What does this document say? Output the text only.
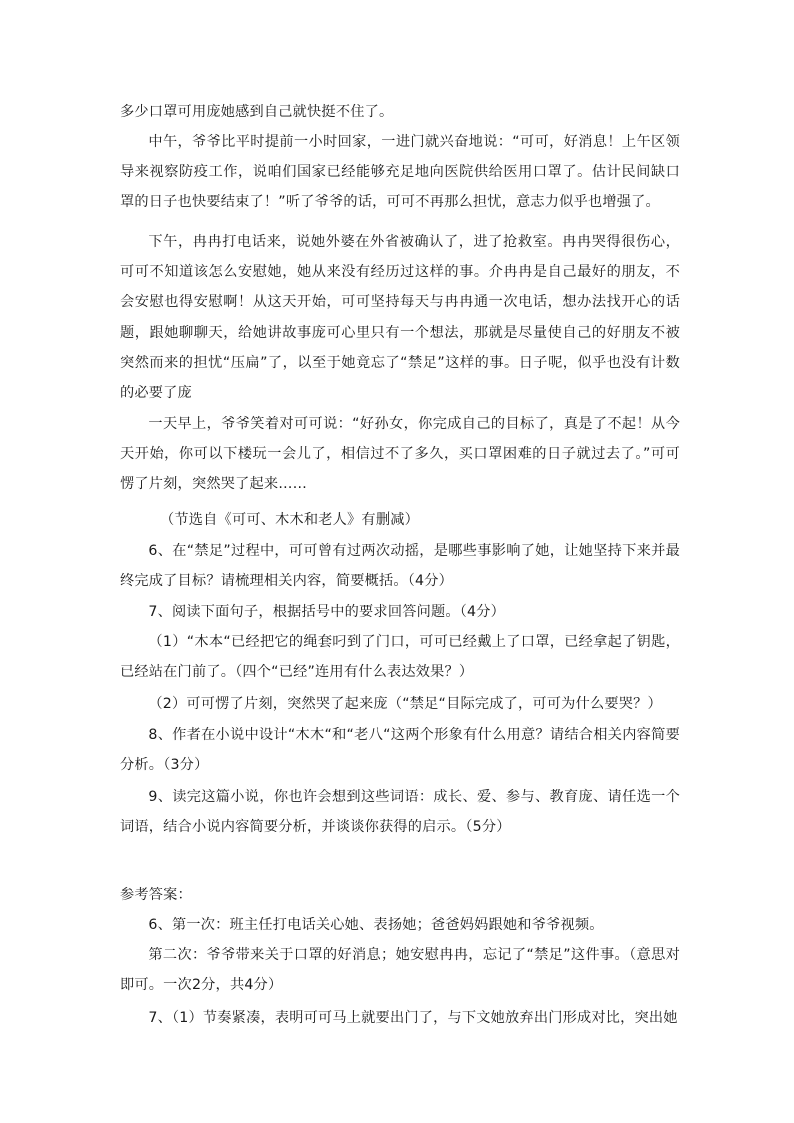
多少口罩可用庞她感到自己就快挺不住了。
中午，爷爷比平时提前一小时回家，一进门就兴奋地说：“可可，好消息！上午区领导来视察防疫工作，说咱们国家已经能够充足地向医院供给医用口罩了。估计民间缺口罩的日子也快要结束了！”听了爷爷的话，可可不再那么担忧，意志力似乎也增强了。
下午，冉冉打电话来，说她外婆在外省被确认了，进了抢救室。冉冉哭得很伤心，可可不知道该怎么安慰她，她从来没有经历过这样的事。介冉冉是自己最好的朋友，不会安慰也得安慰啊！从这天开始，可可坚持每天与冉冉通一次电话，想办法找开心的话题，跟她聊聊天，给她讲故事庞可心里只有一个想法，那就是尽量使自己的好朋友不被突然而来的担忧“压扁”了，以至于她竟忘了“禁足”这样的事。日子呢，似乎也没有计数的必要了庞
一天早上，爷爷笑着对可可说：“好孙女，你完成自己的目标了，真是了不起！从今天开始，你可以下楼玩一会儿了，相信过不了多久，买口罩困难的日子就过去了。”可可愣了片刻，突然哭了起来……
（节选自《可可、木木和老人》有删减）
6、在“禁足”过程中，可可曾有过两次动摇，是哪些事影响了她，让她坚持下来并最终完成了目标？请梳理相关内容，简要概括。（4分）
7、阅读下面句子，根据括号中的要求回答问题。（4分）
（1）“木本“已经把它的绳套叼到了门口，可可已经戴上了口罩，已经拿起了钥匙，已经站在门前了。（四个“已经”连用有什么表达效果？）
（2）可可愣了片刻，突然哭了起来庞（“禁足“目际完成了，可可为什么要哭？）
8、作者在小说中设计“木木“和“老八“这两个形象有什么用意？请结合相关内容简要分析。（3分）
9、读完这篇小说，你也许会想到这些词语：成长、爱、参与、教育庞、请任选一个词语，结合小说内容简要分析，并谈谈你获得的启示。（5分）
参考答案：
6、第一次：班主任打电话关心她、表扬她；爸爸妈妈跟她和爷爷视频。
第二次：爷爷带来关于口罩的好消息；她安慰冉冉，忘记了“禁足”这件事。（意思对即可。一次2分，共4分）
7、（1）节奏紧凑，表明可可马上就要出门了，与下文她放弃出门形成对比，突出她
